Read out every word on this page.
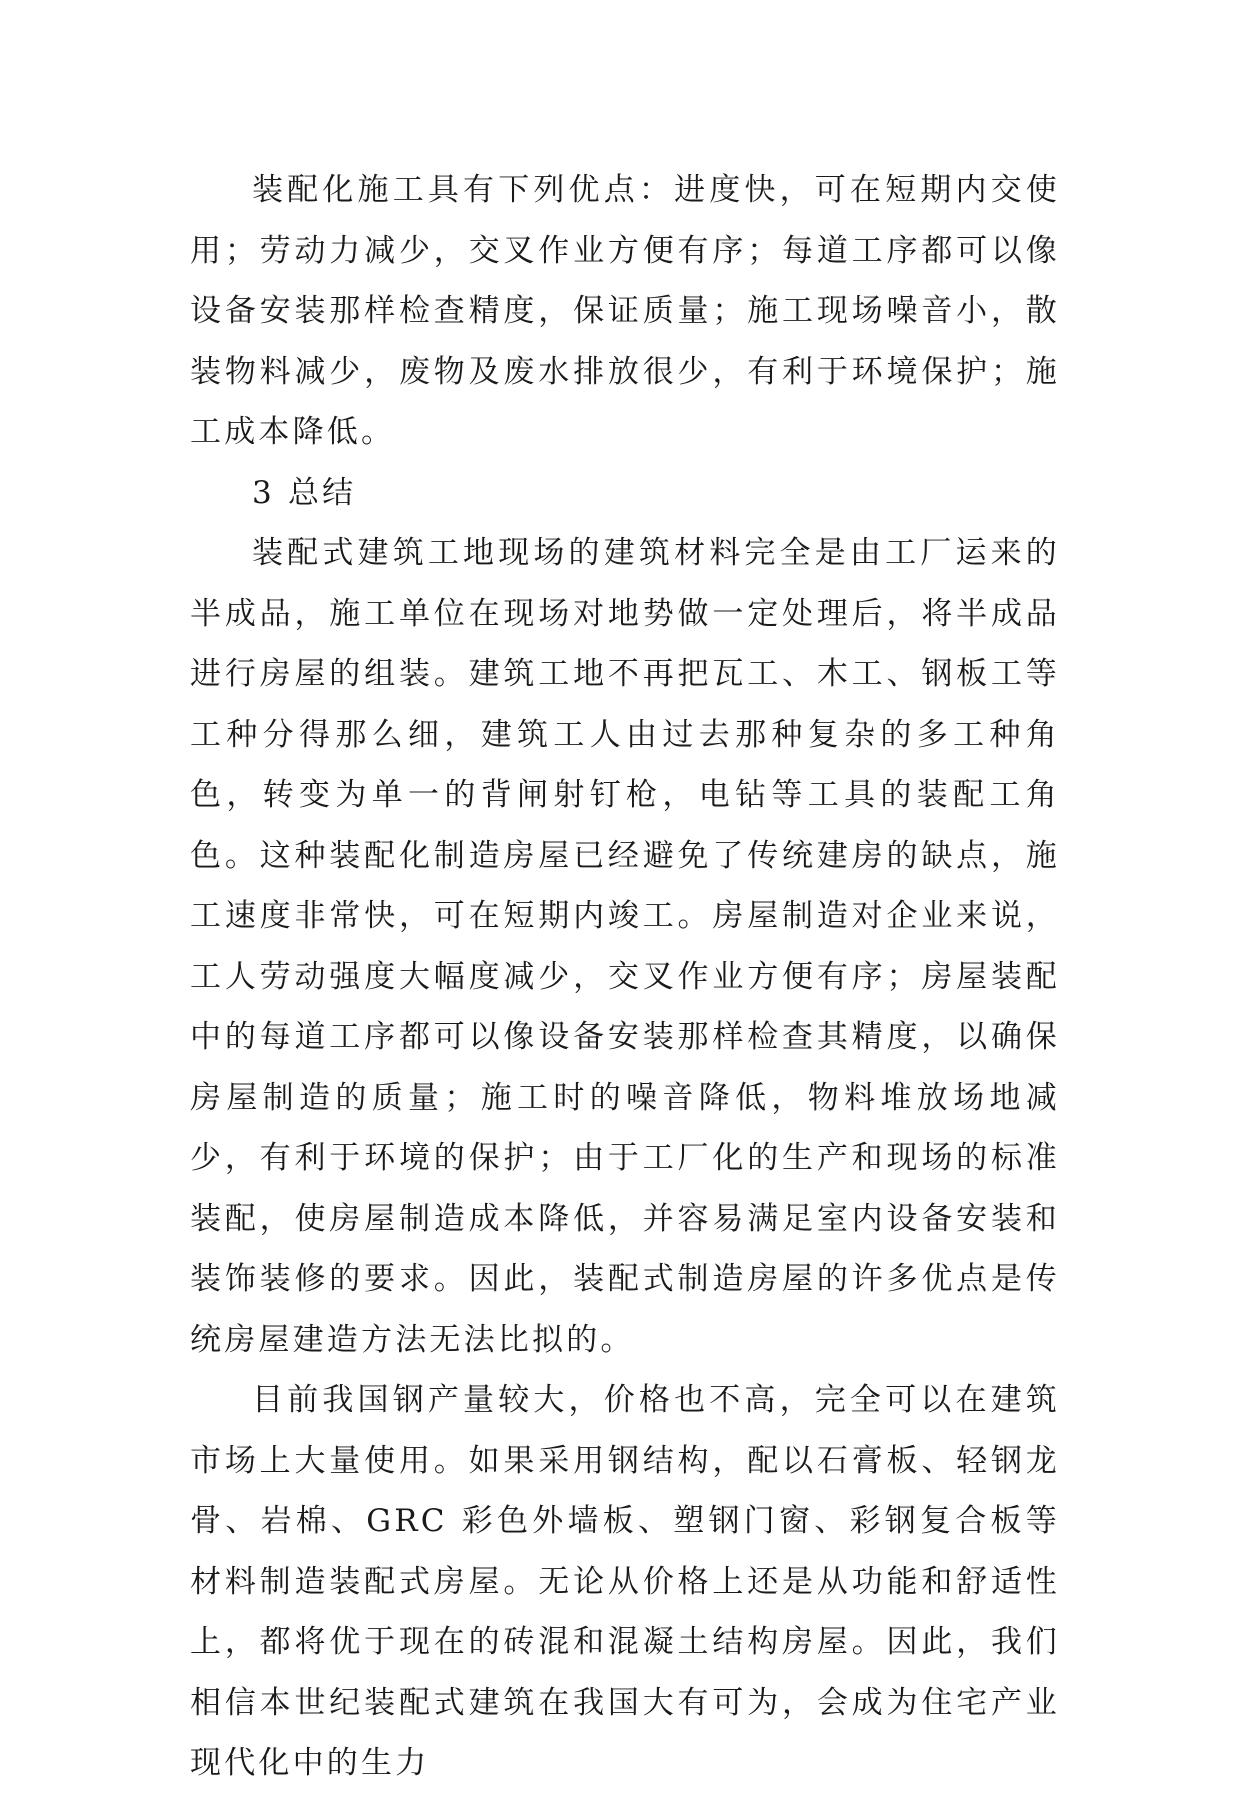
装配化施工具有下列优点：进度快，可在短期内交使用；劳动力减少，交叉作业方便有序；每道工序都可以像设备安装那样检查精度，保证质量；施工现场噪音小，散装物料减少，废物及废水排放很少，有利于环境保护；施工成本降低。

3 总结

装配式建筑工地现场的建筑材料完全是由工厂运来的半成品，施工单位在现场对地势做一定处理后，将半成品进行房屋的组装。建筑工地不再把瓦工、木工、钢板工等工种分得那么细，建筑工人由过去那种复杂的多工种角色，转变为单一的背闸射钉枪，电钻等工具的装配工角色。这种装配化制造房屋已经避免了传统建房的缺点，施工速度非常快，可在短期内竣工。房屋制造对企业来说，工人劳动强度大幅度减少，交叉作业方便有序；房屋装配中的每道工序都可以像设备安装那样检查其精度，以确保房屋制造的质量；施工时的噪音降低，物料堆放场地减少，有利于环境的保护；由于工厂化的生产和现场的标准装配，使房屋制造成本降低，并容易满足室内设备安装和装饰装修的要求。因此，装配式制造房屋的许多优点是传统房屋建造方法无法比拟的。

目前我国钢产量较大，价格也不高，完全可以在建筑市场上大量使用。如果采用钢结构，配以石膏板、轻钢龙骨、岩棉、GRC 彩色外墙板、塑钢门窗、彩钢复合板等材料制造装配式房屋。无论从价格上还是从功能和舒适性上，都将优于现在的砖混和混凝土结构房屋。因此，我们相信本世纪装配式建筑在我国大有可为，会成为住宅产业现代化中的生力
